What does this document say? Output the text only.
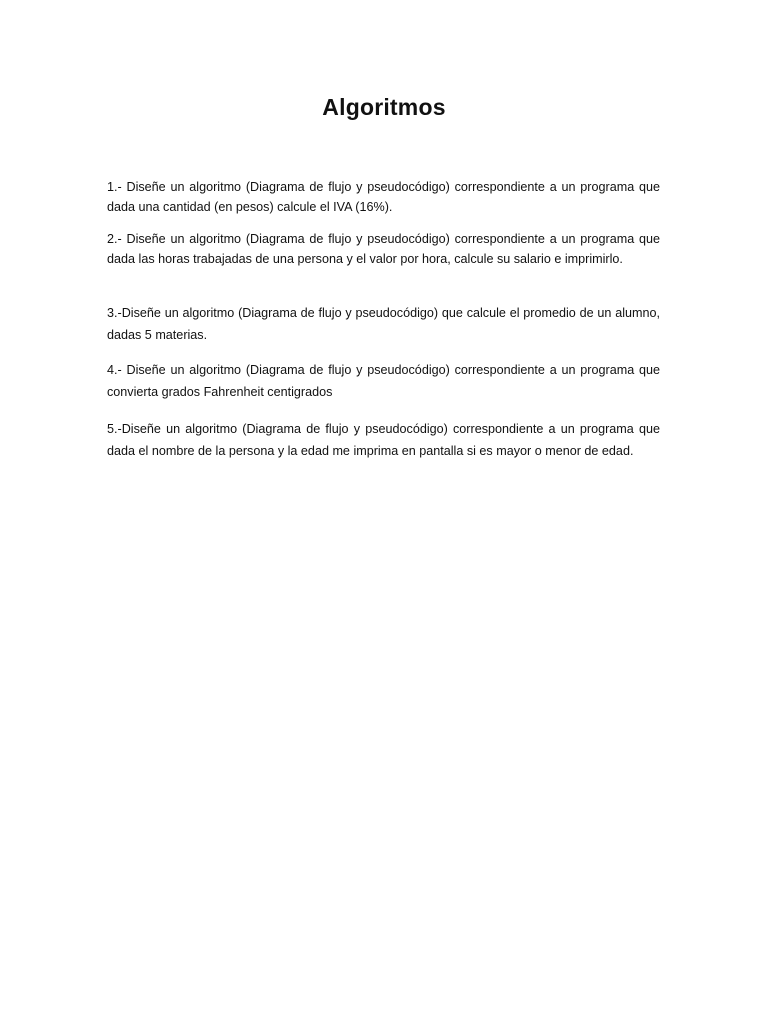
Algoritmos

1.- Diseñe un algoritmo (Diagrama de flujo y pseudocódigo) correspondiente a un programa que dada una cantidad (en pesos) calcule el IVA (16%).

2.- Diseñe un algoritmo (Diagrama de flujo y pseudocódigo) correspondiente a un programa que dada las horas trabajadas de una persona y el valor por hora, calcule su salario e imprimirlo.

3.-Diseñe un algoritmo (Diagrama de flujo y pseudocódigo) que calcule el promedio de un alumno, dadas 5 materias.

4.- Diseñe un algoritmo (Diagrama de flujo y pseudocódigo) correspondiente a un programa que convierta grados Fahrenheit centigrados

5.-Diseñe un algoritmo (Diagrama de flujo y pseudocódigo) correspondiente a un programa que dada el nombre de la persona y la edad me imprima en pantalla si es mayor o menor de edad.
